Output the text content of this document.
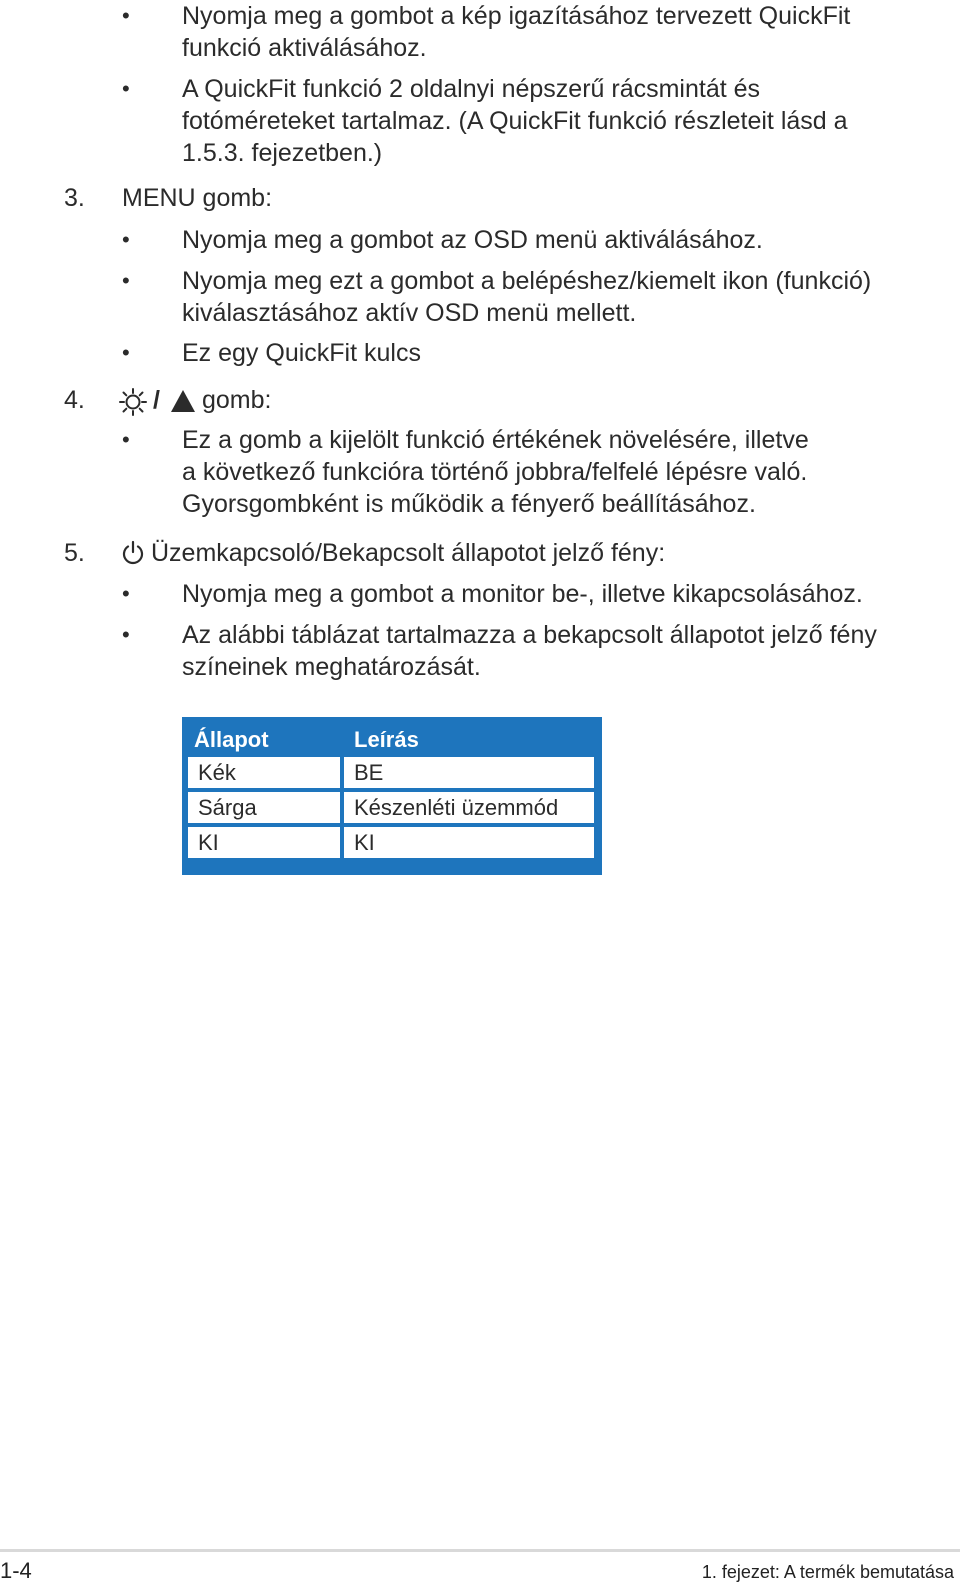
• Nyomja meg a gombot a kép igazításához tervezett QuickFit
funkció aktiválásához.
• A QuickFit funkció 2 oldalnyi népszerű rácsmintát és
fotóméreteket tartalmaz. (A QuickFit funkció részleteit lásd a
1.5.3. fejezetben.)
3. MENU gomb:
• Nyomja meg a gombot az OSD menü aktiválásához.
• Nyomja meg ezt a gombot a belépéshez/kiemelt ikon (funkció)
kiválasztásához aktív OSD menü mellett.
• Ez egy QuickFit kulcs
4.	/ gomb:
• Ez a gomb a kijelölt funkció értékének növelésére, illetve
a következő funkcióra történő jobbra/felfelé lépésre való.
Gyorsgombként is működik a fényerő beállításához.
5.	Üzemkapcsoló/Bekapcsolt állapotot jelző fény:
• Nyomja meg a gombot a monitor be-, illetve kikapcsolásához.
• Az alábbi táblázat tartalmazza a bekapcsolt állapotot jelző fény
színeinek meghatározását.
Állapot	Leírás
Kék	BE
Sárga	Készenléti üzemmód
KI	KI
1-4	1. fejezet: A termék bemutatása
